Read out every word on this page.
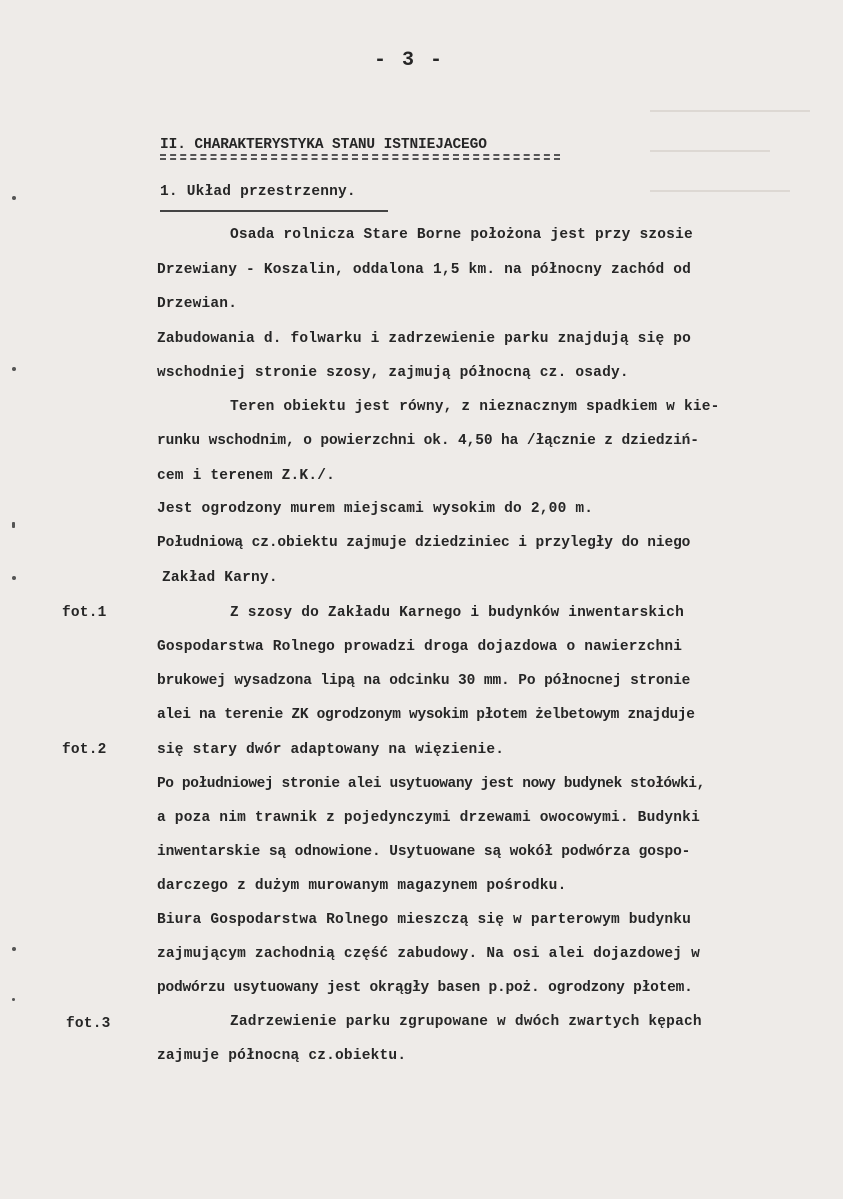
- 3 -
II. CHARAKTERYSTYKA STANU ISTNIEJACEGO
1. Układ przestrzenny.
Osada rolnicza Stare Borne położona jest przy szosie
Drzewiany - Koszalin, oddalona 1,5 km. na północny zachód od
Drzewian.
Zabudowania d. folwarku i zadrzewienie parku znajdują się po
wschodniej stronie szosy, zajmują północną cz. osady.
Teren obiektu jest równy, z nieznacznym spadkiem w kie-
runku wschodnim, o powierzchni ok. 4,50 ha /łącznie z dziedziń-
cem i terenem Z.K./.
Jest ogrodzony murem miejscami wysokim do 2,00 m.
Południową cz.obiektu zajmuje dziedziniec i przyległy do niego
Zakład Karny.
fot.1	Z szosy do Zakładu Karnego i budynków inwentarskich
Gospodarstwa Rolnego prowadzi droga dojazdowa o nawierzchni
brukowej wysadzona lipą na odcinku 30 mm. Po północnej stronie
alei na terenie ZK ogrodzonym wysokim płotem żelbetowym znajduje
fot.2	się stary dwór adaptowany na więzienie.
Po południowej stronie alei usytuowany jest nowy budynek stołówki,
a poza nim trawnik z pojedynczymi drzewami owocowymi. Budynki
inwentarskie są odnowione. Usytuowane są wokół podwórza gospo-
darczego z dużym murowanym magazynem pośrodku.
Biura Gospodarstwa Rolnego mieszczą się w parterowym budynku
zajmującym zachodnią część zabudowy. Na osi alei dojazdowej w
podwórzu usytuowany jest okrągły basen p.poż. ogrodzony płotem.
fot.3	Zadrzewienie parku zgrupowane w dwóch zwartych kępach
zajmuje północną cz.obiektu.
